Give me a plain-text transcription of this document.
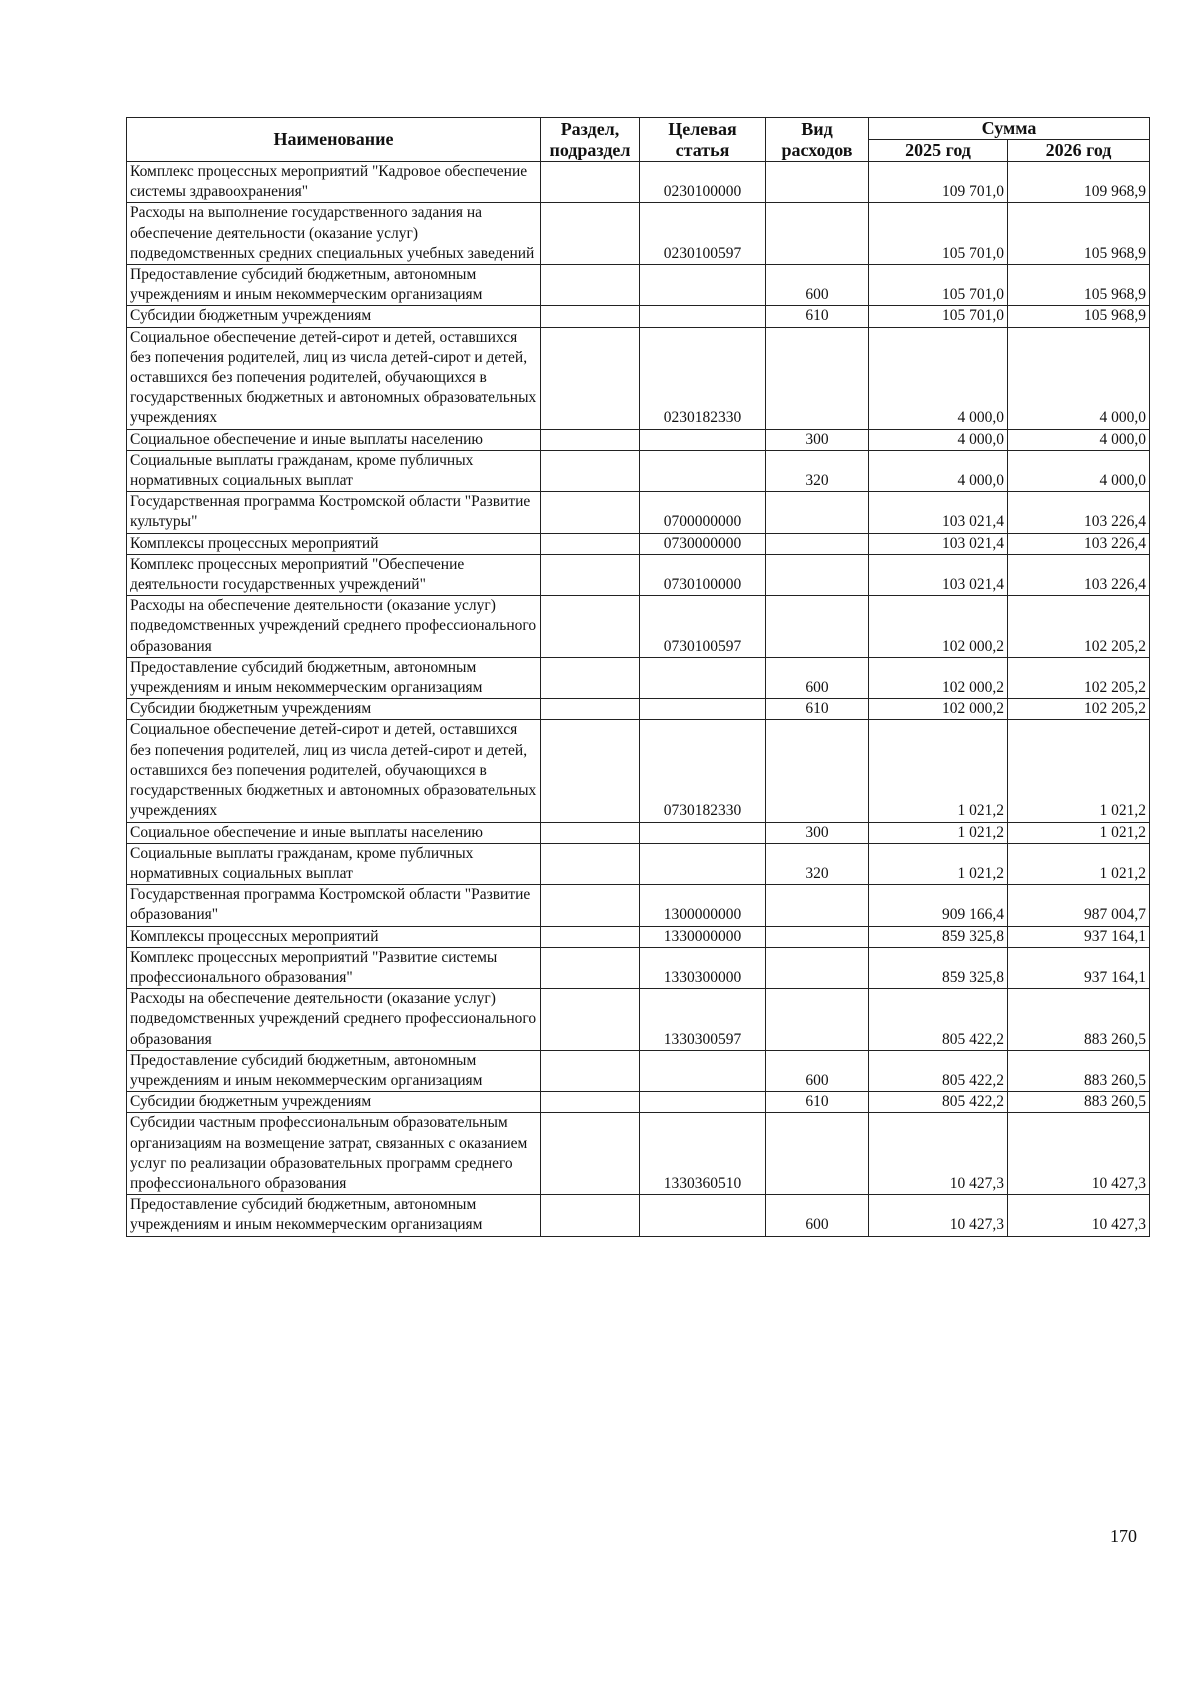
Наименование	Раздел, подраздел	Целевая статья	Вид расходов	Сумма	
				2025 год	2026 год
Комплекс процессных мероприятий "Кадровое обеспечение системы здравоохранения"		0230100000		109 701,0	109 968,9
Расходы на выполнение государственного задания на обеспечение деятельности (оказание услуг) подведомственных средних специальных учебных заведений		0230100597		105 701,0	105 968,9
Предоставление субсидий бюджетным, автономным учреждениям и иным некоммерческим организациям			600	105 701,0	105 968,9
Субсидии бюджетным учреждениям			610	105 701,0	105 968,9
Социальное обеспечение детей-сирот и детей, оставшихся без попечения родителей, лиц из числа детей-сирот и детей, оставшихся без попечения родителей, обучающихся в государственных бюджетных и автономных образовательных учреждениях		0230182330		4 000,0	4 000,0
Социальное обеспечение и иные выплаты населению			300	4 000,0	4 000,0
Социальные выплаты гражданам, кроме публичных нормативных социальных выплат			320	4 000,0	4 000,0
Государственная программа Костромской области "Развитие культуры"		0700000000		103 021,4	103 226,4
Комплексы процессных мероприятий		0730000000		103 021,4	103 226,4
Комплекс процессных мероприятий "Обеспечение деятельности государственных учреждений"		0730100000		103 021,4	103 226,4
Расходы на обеспечение деятельности (оказание услуг) подведомственных учреждений среднего профессионального образования		0730100597		102 000,2	102 205,2
Предоставление субсидий бюджетным, автономным учреждениям и иным некоммерческим организациям			600	102 000,2	102 205,2
Субсидии бюджетным учреждениям			610	102 000,2	102 205,2
Социальное обеспечение детей-сирот и детей, оставшихся без попечения родителей, лиц из числа детей-сирот и детей, оставшихся без попечения родителей, обучающихся в государственных бюджетных и автономных образовательных учреждениях		0730182330		1 021,2	1 021,2
Социальное обеспечение и иные выплаты населению			300	1 021,2	1 021,2
Социальные выплаты гражданам, кроме публичных нормативных социальных выплат			320	1 021,2	1 021,2
Государственная программа Костромской области "Развитие образования"		1300000000		909 166,4	987 004,7
Комплексы процессных мероприятий		1330000000		859 325,8	937 164,1
Комплекс процессных мероприятий "Развитие системы профессионального образования"		1330300000		859 325,8	937 164,1
Расходы на обеспечение деятельности (оказание услуг) подведомственных учреждений среднего профессионального образования		1330300597		805 422,2	883 260,5
Предоставление субсидий бюджетным, автономным учреждениям и иным некоммерческим организациям			600	805 422,2	883 260,5
Субсидии бюджетным учреждениям			610	805 422,2	883 260,5
Субсидии частным профессиональным образовательным организациям на возмещение затрат, связанных с оказанием услуг по реализации образовательных программ среднего профессионального образования		1330360510		10 427,3	10 427,3
Предоставление субсидий бюджетным, автономным учреждениям и иным некоммерческим организациям			600	10 427,3	10 427,3
170
